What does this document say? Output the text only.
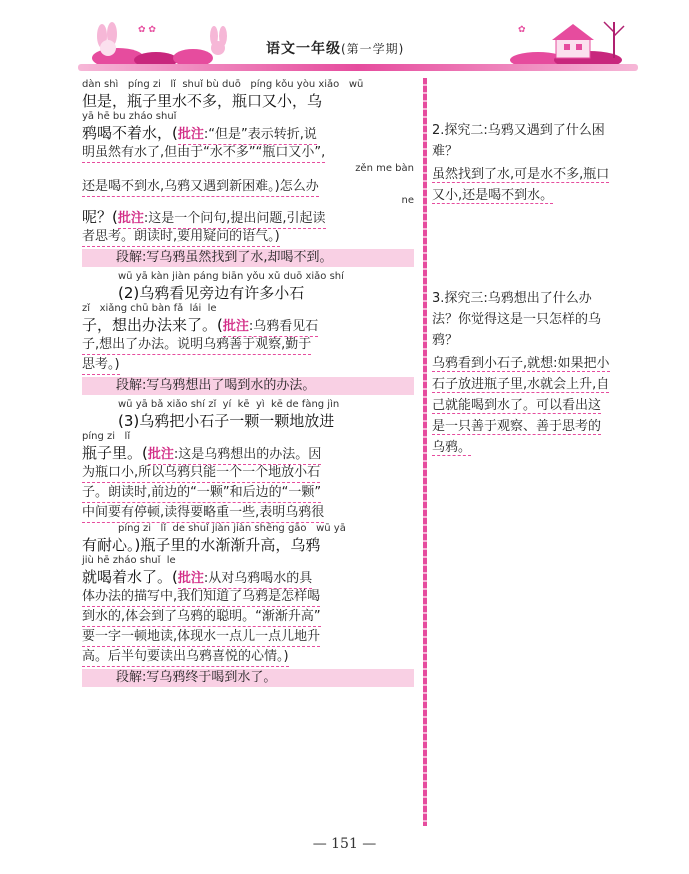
✿ ✿
语文一年级(第一学期)
✿
dàn shì   píng zi   lǐ  shuǐ bù duō   píng kǒu yòu xiǎo   wū
但是，瓶子里水不多，瓶口又小，乌
yā hē bu zháo shuǐ
鸦喝不着水，(批注:“但是”表示转折,说
明虽然有水了,但由于“水不多”“瓶口又小”,
zěn me bàn
还是喝不到水,乌鸦又遇到新困难。)怎么办
ne
呢？(批注:这是一个问句,提出问题,引起读
者思考。朗读时,要用疑问的语气。)
段解:写乌鸦虽然找到了水,却喝不到。
wū yā kàn jiàn páng biān yǒu xǔ duō xiǎo shí
(2)乌鸦看见旁边有许多小石
zǐ   xiǎng chū bàn fǎ  lái  le
子，想出办法来了。(批注:乌鸦看见石
子,想出了办法。说明乌鸦善于观察,勤于
思考。)
段解:写乌鸦想出了喝到水的办法。
wū yā bǎ xiǎo shí zǐ  yí  kē  yì  kē de fàng jìn
(3)乌鸦把小石子一颗一颗地放进
píng zi   lǐ
瓶子里。(批注:这是乌鸦想出的办法。因
为瓶口小,所以乌鸦只能一个一个地放小石
子。朗读时,前边的“一颗”和后边的“一颗”
中间要有停顿,读得要略重一些,表明乌鸦很
píng zi   lǐ  de shuǐ jiàn jiàn shēng gāo   wū yā
有耐心。)瓶子里的水渐渐升高，乌鸦
jiù hē zháo shuǐ  le
就喝着水了。(批注:从对乌鸦喝水的具
体办法的描写中,我们知道了乌鸦是怎样喝
到水的,体会到了乌鸦的聪明。“渐渐升高”
要一字一顿地读,体现水一点儿一点儿地升
高。后半句要读出乌鸦喜悦的心情。)
段解:写乌鸦终于喝到水了。
2.探究二:乌鸦又遇到了什么困难？
虽然找到了水,可是水不多,瓶口又小,还是喝不到水。
3.探究三:乌鸦想出了什么办法？你觉得这是一只怎样的乌鸦？
乌鸦看到小石子,就想:如果把小石子放进瓶子里,水就会上升,自己就能喝到水了。可以看出这是一只善于观察、善于思考的乌鸦。
— 151 —
